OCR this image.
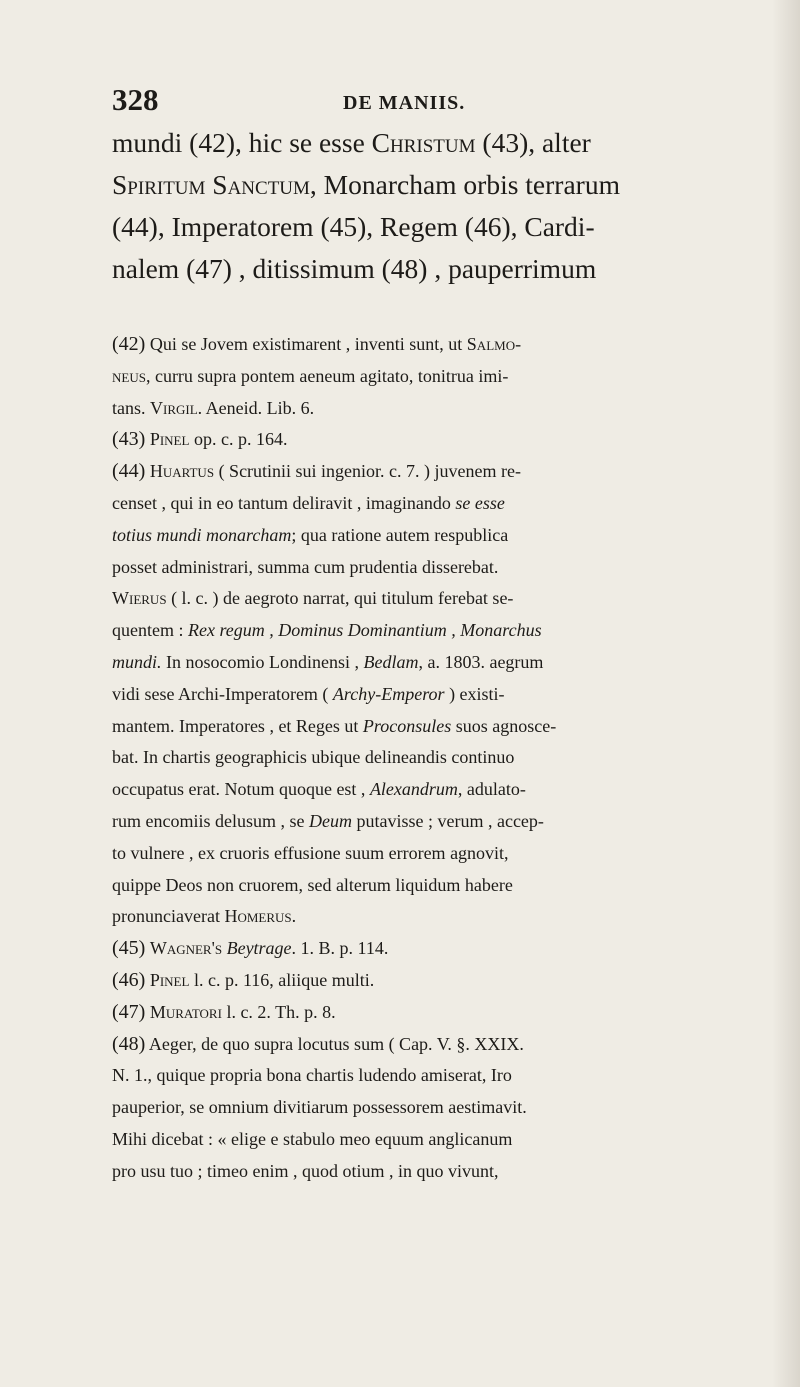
328	DE MANIIS.
mundi (42), hic se esse Christum (43), alter
Spiritum Sanctum, Monarcham orbis terrarum
(44), Imperatorem (45), Regem (46), Cardi-
nalem (47) , ditissimum (48) , pauperrimum
(42) Qui se Jovem existimarent , inventi sunt, ut Salmo-
neus, curru supra pontem aeneum agitato, tonitrua imi-
tans. Virgil. Aeneid. Lib. 6.
(43) Pinel op. c. p. 164.
(44) Huartus ( Scrutinii sui ingenior. c. 7. ) juvenem re-
censet , qui in eo tantum deliravit , imaginando se esse
totius mundi monarcham; qua ratione autem respublica
posset administrari, summa cum prudentia disserebat.
Wierus ( l. c. ) de aegroto narrat, qui titulum ferebat se-
quentem : Rex regum , Dominus Dominantium , Monarchus
mundi. In nosocomio Londinensi , Bedlam, a. 1803. aegrum
vidi sese Archi-Imperatorem ( Archy-Emperor ) existi-
mantem. Imperatores , et Reges ut Proconsules suos agnosce-
bat. In chartis geographicis ubique delineandis continuo
occupatus erat. Notum quoque est , Alexandrum, adulato-
rum encomiis delusum , se Deum putavisse ; verum , accep-
to vulnere , ex cruoris effusione suum errorem agnovit,
quippe Deos non cruorem, sed alterum liquidum habere
pronunciaverat Homerus.
(45) Wagner's Beytrage. 1. B. p. 114.
(46) Pinel l. c. p. 116, aliique multi.
(47) Muratori l. c. 2. Th. p. 8.
(48) Aeger, de quo supra locutus sum ( Cap. V. §. XXIX.
N. 1., quique propria bona chartis ludendo amiserat, Iro
pauperior, se omnium divitiarum possessorem aestimavit.
Mihi dicebat : « elige e stabulo meo equum anglicanum
pro usu tuo ; timeo enim , quod otium , in quo vivunt,
